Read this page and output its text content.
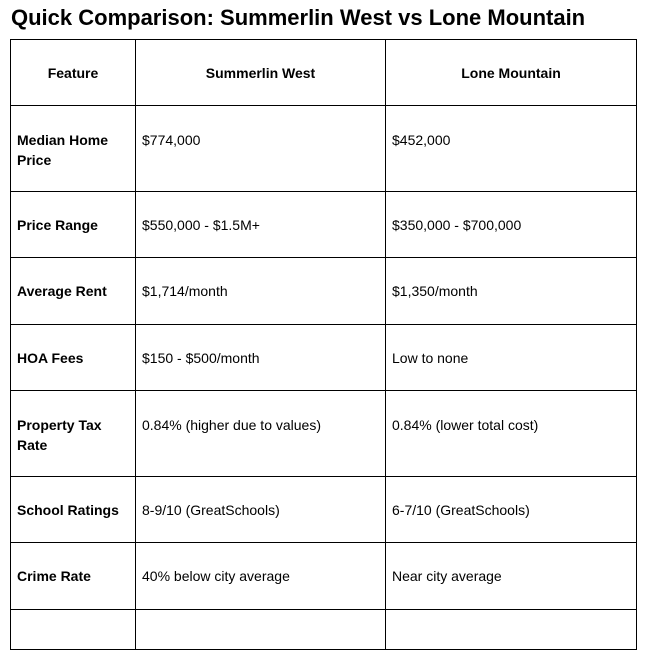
Quick Comparison: Summerlin West vs Lone Mountain
Feature	Summerlin West	Lone Mountain
Median Home Price	$774,000	$452,000
Price Range	$550,000 - $1.5M+	$350,000 - $700,000
Average Rent	$1,714/month	$1,350/month
HOA Fees	$150 - $500/month	Low to none
Property Tax Rate	0.84% (higher due to values)	0.84% (lower total cost)
School Ratings	8-9/10 (GreatSchools)	6-7/10 (GreatSchools)
Crime Rate	40% below city average	Near city average
